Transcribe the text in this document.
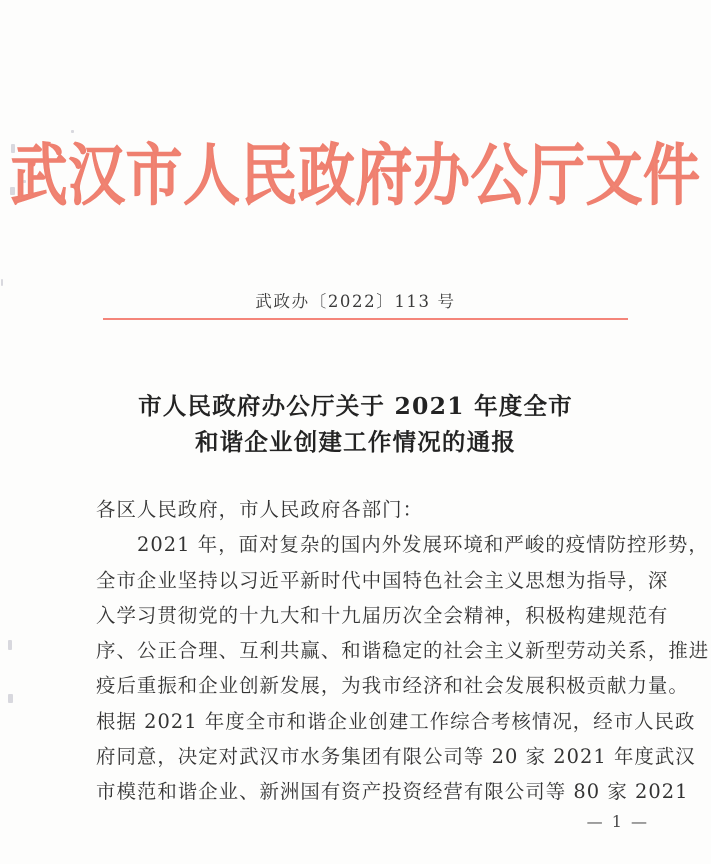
武汉市人民政府办公厅文件
武政办〔2022〕113 号
市人民政府办公厅关于 2021 年度全市
和谐企业创建工作情况的通报
各区人民政府，市人民政府各部门：
2021 年，面对复杂的国内外发展环境和严峻的疫情防控形势，
全市企业坚持以习近平新时代中国特色社会主义思想为指导，深
入学习贯彻党的十九大和十九届历次全会精神，积极构建规范有
序、公正合理、互利共赢、和谐稳定的社会主义新型劳动关系，推进
疫后重振和企业创新发展，为我市经济和社会发展积极贡献力量。
根据 2021 年度全市和谐企业创建工作综合考核情况，经市人民政
府同意，决定对武汉市水务集团有限公司等 20 家 2021 年度武汉
市模范和谐企业、新洲国有资产投资经营有限公司等 80 家 2021
— 1 —
